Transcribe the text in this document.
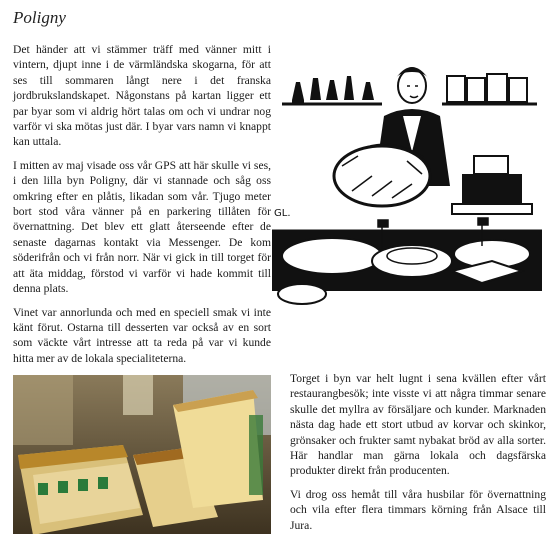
Poligny

Det händer att vi stämmer träff med vänner mitt i vintern, djupt inne i de värmländska skogarna, för att ses till sommaren långt nere i det franska jordbrukslandskapet. Någonstans på kartan ligger ett par byar som vi aldrig hört talas om och vi undrar nog varför vi ska mötas just där. I byar vars namn vi knappt kan uttala.

I mitten av maj visade oss vår GPS att här skulle vi ses, i den lilla byn Poligny, där vi stannade och såg oss omkring efter en plåtis, likadan som vår. Tjugo meter bort stod våra vänner på en parkering tillåten för övernattning. Det blev ett glatt återseende efter de senaste dagarnas kontakt via Messenger. De kom söderifrån och vi från norr. När vi gick in till torget för att äta middag, förstod vi varför vi hade kommit till denna plats.

Vinet var annorlunda och med en speciell smak vi inte känt förut. Ostarna till desserten var också av en sort som väckte vårt intresse att ta reda på var vi kunde hitta mer av de lokala specialiteterna.

GL.

Torget i byn var helt lugnt i sena kvällen efter vårt restaurangbesök; inte visste vi att några timmar senare skulle det myllra av försäljare och kunder. Marknaden nästa dag hade ett stort utbud av korvar och skinkor, grönsaker och frukter samt nybakat bröd av alla sorter. Här handlar man gärna lokala och dagsfärska produkter direkt från producenten.

Vi drog oss hemåt till våra husbilar för övernattning och vila efter flera timmars körning från Alsace till Jura.
